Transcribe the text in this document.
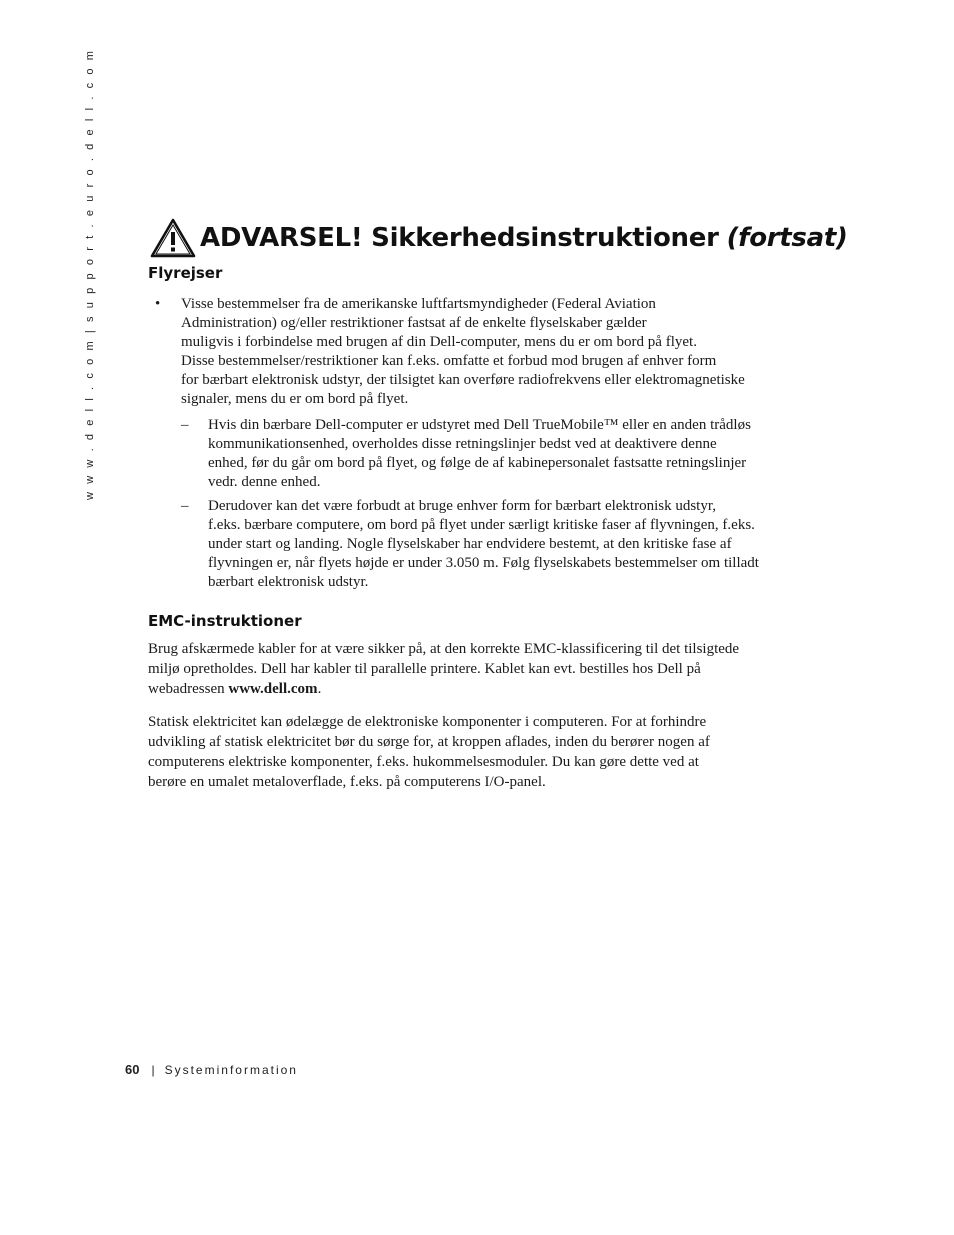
w w w . d e l l . c o m | s u p p o r t . e u r o . d e l l . c o m	ADVARSEL! Sikkerhedsinstruktioner (fortsat)
Flyrejser
• Visse bestemmelser fra de amerikanske luftfartsmyndigheder (Federal Aviation

Administration) og/eller restriktioner fastsat af de enkelte flyselskaber gælder

muligvis i forbindelse med brugen af din Dell-computer, mens du er om bord på flyet.

Disse bestemmelser/restriktioner kan f.eks. omfatte et forbud mod brugen af enhver form

for bærbart elektronisk udstyr, der tilsigtet kan overføre radiofrekvens eller elektromagnetiske

signaler, mens du er om bord på flyet.

– Hvis din bærbare Dell-computer er udstyret med Dell TrueMobile™ eller en anden trådløs
kommunikationsenhed, overholdes disse retningslinjer bedst ved at deaktivere denne
enhed, før du går om bord på flyet, og følge de af kabinepersonalet fastsatte retningslinjer
vedr. denne enhed.
– Derudover kan det være forbudt at bruge enhver form for bærbart elektronisk udstyr,
f.eks. bærbare computere, om bord på flyet under særligt kritiske faser af flyvningen, f.eks.
under start og landing. Nogle flyselskaber har endvidere bestemt, at den kritiske fase af
flyvningen er, når flyets højde er under 3.050 m. Følg flyselskabets bestemmelser om tilladt
bærbart elektronisk udstyr.
EMC-instruktioner
Brug afskærmede kabler for at være sikker på, at den korrekte EMC-klassificering til det tilsigtede
miljø opretholdes. Dell har kabler til parallelle printere. Kablet kan evt. bestilles hos Dell på
webadressen www.dell.com.
Statisk elektricitet kan ødelægge de elektroniske komponenter i computeren. For at forhindre
udvikling af statisk elektricitet bør du sørge for, at kroppen aflades, inden du berører nogen af
computerens elektriske komponenter, f.eks. hukommelsesmoduler. Du kan gøre dette ved at
berøre en umalet metaloverflade, f.eks. på computerens I/O-panel.
60 | Systeminformation
